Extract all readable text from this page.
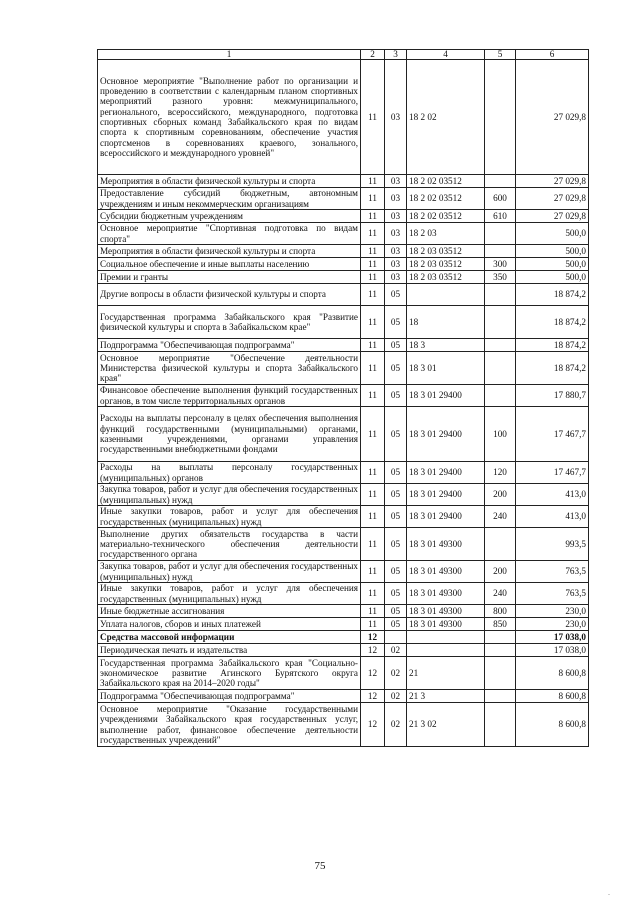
1	2	3	4	5	6
Основное мероприятие "Выполнение работ по организации и проведению в соответствии с календарным планом спортивных мероприятий разного уровня: межмуниципального, регионального, всероссийского, международного, подготовка спортивных сборных команд Забайкальского края по видам спорта к спортивным соревнованиям, обеспечение участия спортсменов в соревнованиях краевого, зонального, всероссийского и международного уровней"	11	03	18 2 02		27 029,8
Мероприятия в области физической культуры и спорта	11	03	18 2 02 03512		27 029,8
Предоставление субсидий бюджетным, автономным учреждениям и иным некоммерческим организациям	11	03	18 2 02 03512	600	27 029,8
Субсидии бюджетным учреждениям	11	03	18 2 02 03512	610	27 029,8
Основное мероприятие "Спортивная подготовка по видам спорта"	11	03	18 2 03		500,0
Мероприятия в области физической культуры и спорта	11	03	18 2 03 03512		500,0
Социальное обеспечение и иные выплаты населению	11	03	18 2 03 03512	300	500,0
Премии и гранты	11	03	18 2 03 03512	350	500,0
Другие вопросы в области физической культуры и спорта	11	05			18 874,2
Государственная программа Забайкальского края "Развитие физической культуры и спорта в Забайкальском крае"	11	05	18		18 874,2
Подпрограмма "Обеспечивающая подпрограмма"	11	05	18 3		18 874,2
Основное мероприятие "Обеспечение деятельности Министерства физической культуры и спорта Забайкальского края"	11	05	18 3 01		18 874,2
Финансовое обеспечение выполнения функций государственных органов, в том числе территориальных органов	11	05	18 3 01 29400		17 880,7
Расходы на выплаты персоналу в целях обеспечения выполнения функций государственными (муниципальными) органами, казенными учреждениями, органами управления государственными внебюджетными фондами	11	05	18 3 01 29400	100	17 467,7
Расходы на выплаты персоналу государственных (муниципальных) органов	11	05	18 3 01 29400	120	17 467,7
Закупка товаров, работ и услуг для обеспечения государственных (муниципальных) нужд	11	05	18 3 01 29400	200	413,0
Иные закупки товаров, работ и услуг для обеспечения государственных (муниципальных) нужд	11	05	18 3 01 29400	240	413,0
Выполнение других обязательств государства в части материально-технического обеспечения деятельности государственного органа	11	05	18 3 01 49300		993,5
Закупка товаров, работ и услуг для обеспечения государственных (муниципальных) нужд	11	05	18 3 01 49300	200	763,5
Иные закупки товаров, работ и услуг для обеспечения государственных (муниципальных) нужд	11	05	18 3 01 49300	240	763,5
Иные бюджетные ассигнования	11	05	18 3 01 49300	800	230,0
Уплата налогов, сборов и иных платежей	11	05	18 3 01 49300	850	230,0
Средства массовой информации	12				17 038,0
Периодическая печать и издательства	12	02			17 038,0
Государственная программа Забайкальского края "Социально-экономическое развитие Агинского Бурятского округа Забайкальского края на 2014–2020 годы"	12	02	21		8 600,8
Подпрограмма "Обеспечивающая подпрограмма"	12	02	21 3		8 600,8
Основное мероприятие "Оказание государственными учреждениями Забайкальского края государственных услуг, выполнение работ, финансовое обеспечение деятельности государственных учреждений"	12	02	21 3 02		8 600,8
75
.
